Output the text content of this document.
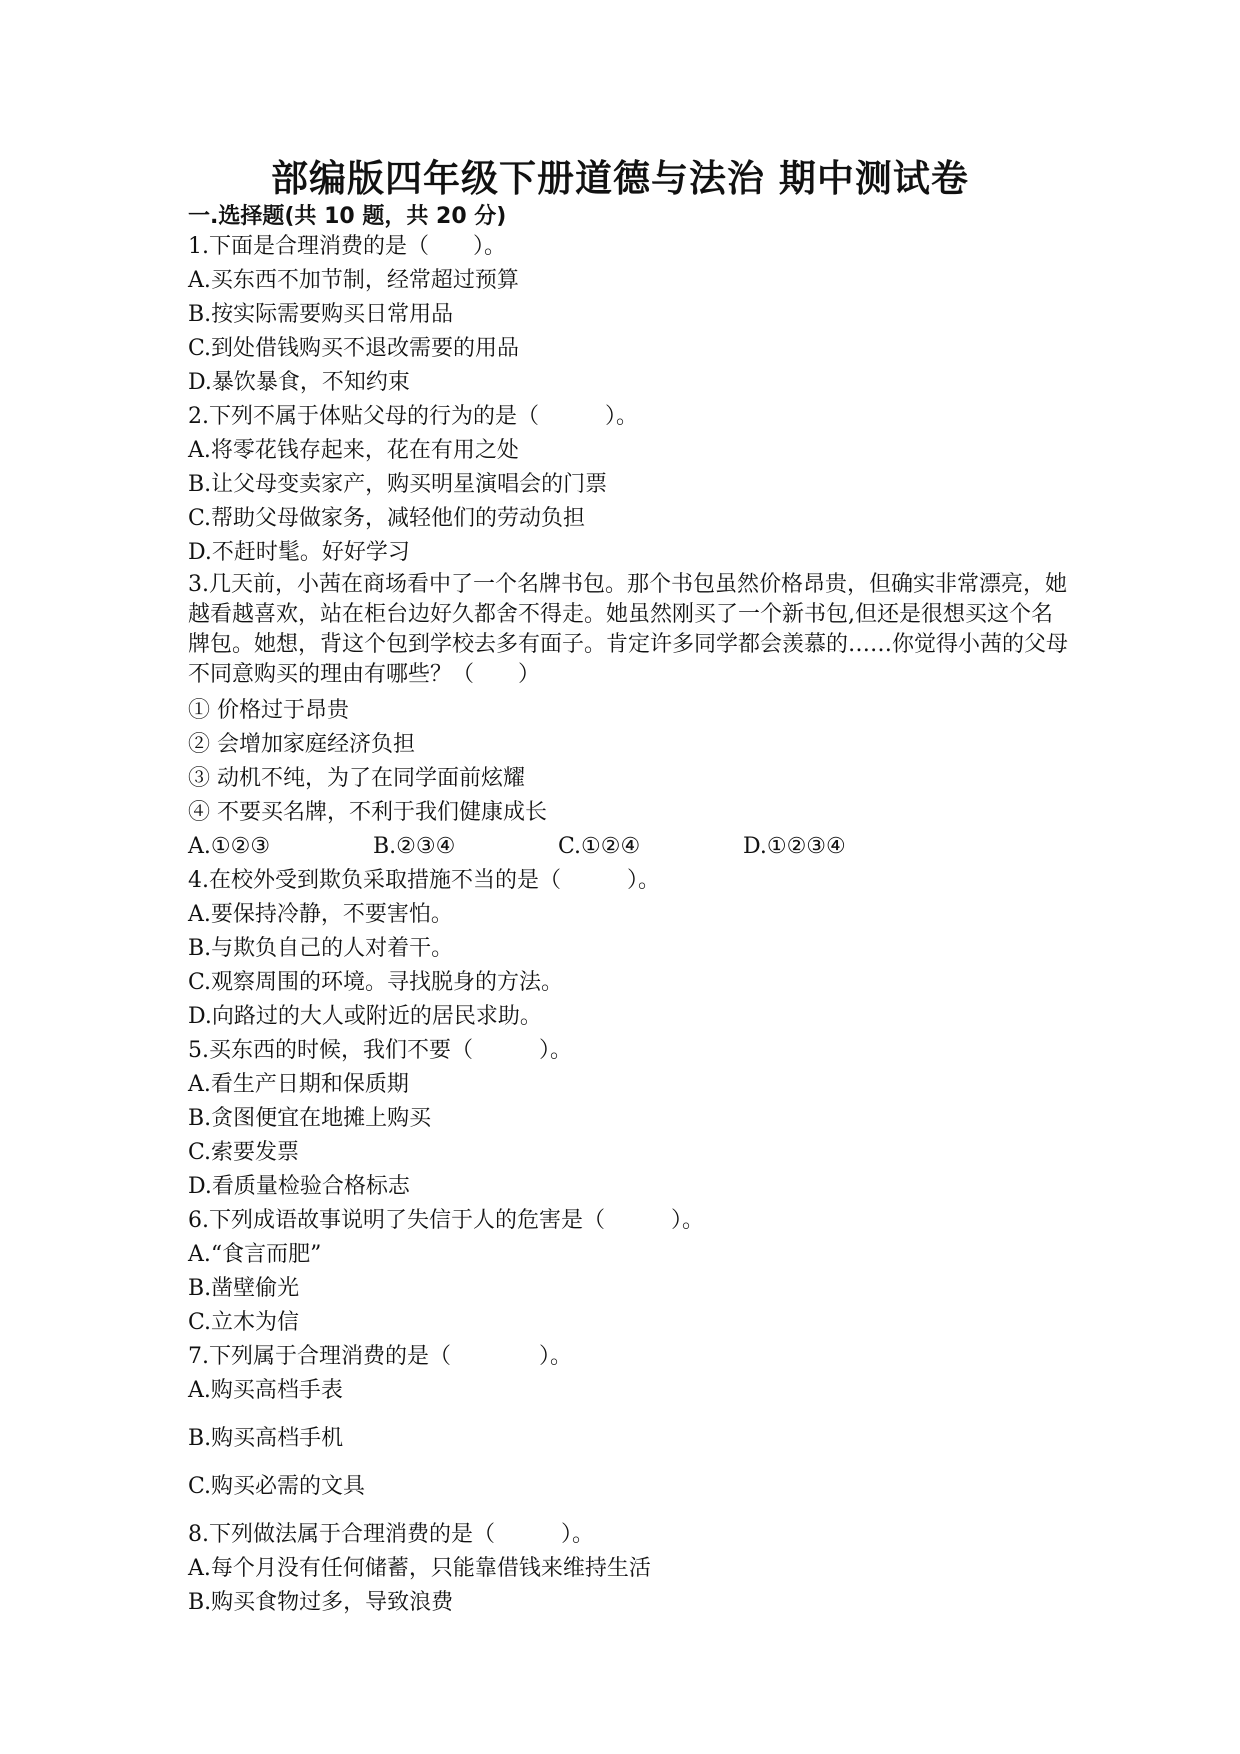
部编版四年级下册道德与法治 期中测试卷
一.选择题(共 10 题，共 20 分)
1.下面是合理消费的是（　　）。
A.买东西不加节制，经常超过预算
B.按实际需要购买日常用品
C.到处借钱购买不退改需要的用品
D.暴饮暴食，不知约束
2.下列不属于体贴父母的行为的是（　　　）。
A.将零花钱存起来，花在有用之处
B.让父母变卖家产，购买明星演唱会的门票
C.帮助父母做家务，减轻他们的劳动负担
D.不赶时髦。好好学习
3.几天前，小茜在商场看中了一个名牌书包。那个书包虽然价格昂贵，但确实非常漂亮，她越看越喜欢，站在柜台边好久都舍不得走。她虽然刚买了一个新书包,但还是很想买这个名牌包。她想，背这个包到学校去多有面子。肯定许多同学都会羡慕的……你觉得小茜的父母不同意购买的理由有哪些？（　　）
① 价格过于昂贵
② 会增加家庭经济负担
③ 动机不纯，为了在同学面前炫耀
④ 不要买名牌，不利于我们健康成长
A.①②③	B.②③④	C.①②④	D.①②③④
4.在校外受到欺负采取措施不当的是（　　　）。
A.要保持冷静，不要害怕。
B.与欺负自己的人对着干。
C.观察周围的环境。寻找脱身的方法。
D.向路过的大人或附近的居民求助。
5.买东西的时候，我们不要（　　　）。
A.看生产日期和保质期
B.贪图便宜在地摊上购买
C.索要发票
D.看质量检验合格标志
6.下列成语故事说明了失信于人的危害是（　　　）。
A.“食言而肥”
B.凿壁偷光
C.立木为信
7.下列属于合理消费的是（　　　　）。
A.购买高档手表
B.购买高档手机
C.购买必需的文具
8.下列做法属于合理消费的是（　　　）。
A.每个月没有任何储蓄，只能靠借钱来维持生活
B.购买食物过多，导致浪费
